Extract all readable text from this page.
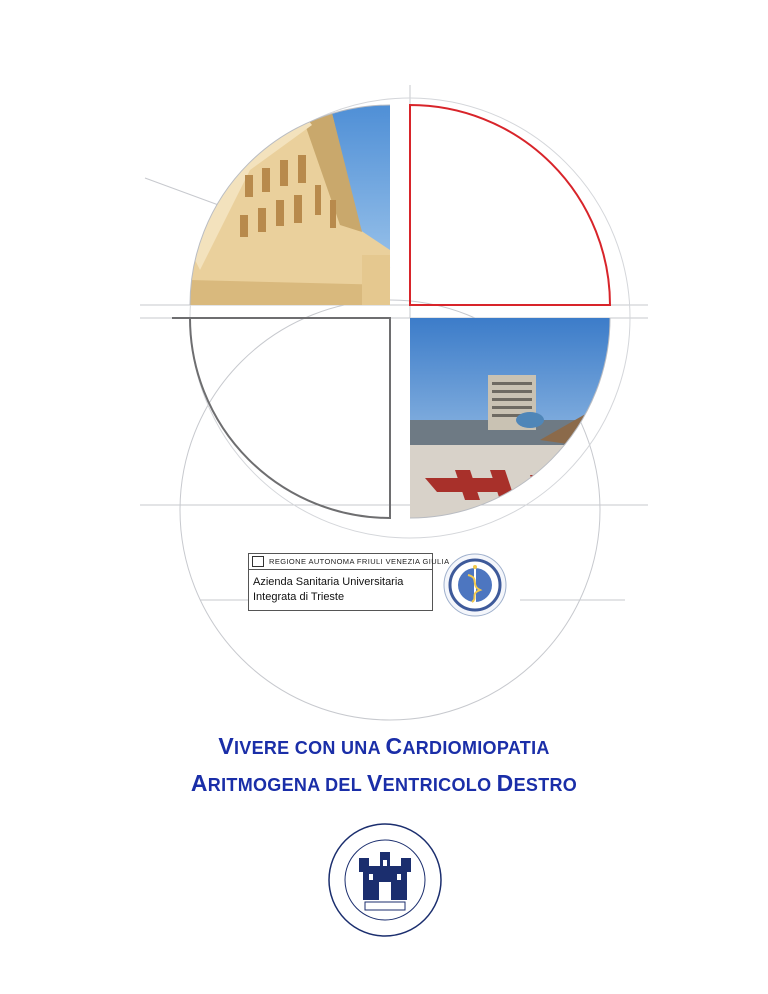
REGIONE AUTONOMA FRIULI VENEZIA GIULIA
Azienda Sanitaria Universitaria
Integrata di Trieste
VIVERE CON UNA CARDIOMIOPATIA
ARITMOGENA DEL VENTRICOLO DESTRO
